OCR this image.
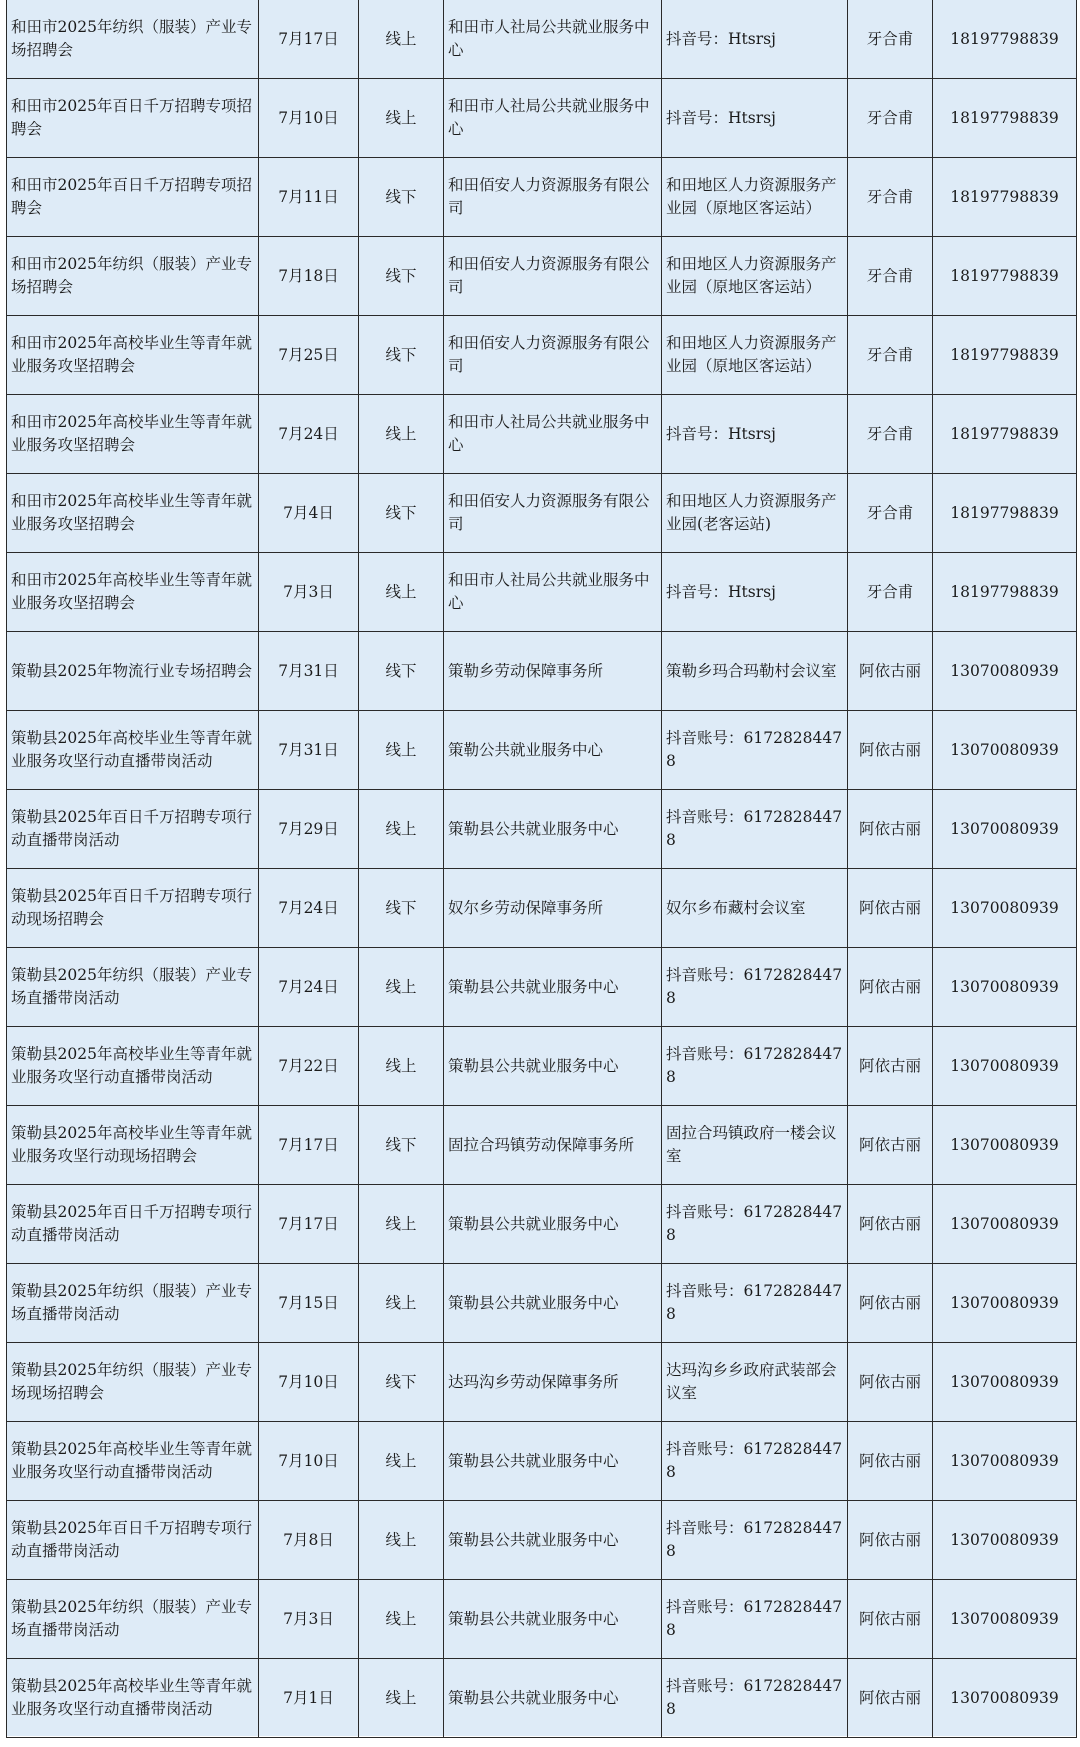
和田市2025年纺织（服装）产业专场招聘会	7月17日	线上	和田市人社局公共就业服务中心	抖音号：Htsrsj	牙合甫	18197798839
和田市2025年百日千万招聘专项招聘会	7月10日	线上	和田市人社局公共就业服务中心	抖音号：Htsrsj	牙合甫	18197798839
和田市2025年百日千万招聘专项招聘会	7月11日	线下	和田佰安人力资源服务有限公司	和田地区人力资源服务产业园（原地区客运站）	牙合甫	18197798839
和田市2025年纺织（服装）产业专场招聘会	7月18日	线下	和田佰安人力资源服务有限公司	和田地区人力资源服务产业园（原地区客运站）	牙合甫	18197798839
和田市2025年高校毕业生等青年就业服务攻坚招聘会	7月25日	线下	和田佰安人力资源服务有限公司	和田地区人力资源服务产业园（原地区客运站）	牙合甫	18197798839
和田市2025年高校毕业生等青年就业服务攻坚招聘会	7月24日	线上	和田市人社局公共就业服务中心	抖音号：Htsrsj	牙合甫	18197798839
和田市2025年高校毕业生等青年就业服务攻坚招聘会	7月4日	线下	和田佰安人力资源服务有限公司	和田地区人力资源服务产业园(老客运站)	牙合甫	18197798839
和田市2025年高校毕业生等青年就业服务攻坚招聘会	7月3日	线上	和田市人社局公共就业服务中心	抖音号：Htsrsj	牙合甫	18197798839
策勒县2025年物流行业专场招聘会	7月31日	线下	策勒乡劳动保障事务所	策勒乡玛合玛勒村会议室	阿依古丽	13070080939
策勒县2025年高校毕业生等青年就业服务攻坚行动直播带岗活动	7月31日	线上	策勒公共就业服务中心	抖音账号：61728284478	阿依古丽	13070080939
策勒县2025年百日千万招聘专项行动直播带岗活动	7月29日	线上	策勒县公共就业服务中心	抖音账号：61728284478	阿依古丽	13070080939
策勒县2025年百日千万招聘专项行动现场招聘会	7月24日	线下	奴尔乡劳动保障事务所	奴尔乡布藏村会议室	阿依古丽	13070080939
策勒县2025年纺织（服装）产业专场直播带岗活动	7月24日	线上	策勒县公共就业服务中心	抖音账号：61728284478	阿依古丽	13070080939
策勒县2025年高校毕业生等青年就业服务攻坚行动直播带岗活动	7月22日	线上	策勒县公共就业服务中心	抖音账号：61728284478	阿依古丽	13070080939
策勒县2025年高校毕业生等青年就业服务攻坚行动现场招聘会	7月17日	线下	固拉合玛镇劳动保障事务所	固拉合玛镇政府一楼会议室	阿依古丽	13070080939
策勒县2025年百日千万招聘专项行动直播带岗活动	7月17日	线上	策勒县公共就业服务中心	抖音账号：61728284478	阿依古丽	13070080939
策勒县2025年纺织（服装）产业专场直播带岗活动	7月15日	线上	策勒县公共就业服务中心	抖音账号：61728284478	阿依古丽	13070080939
策勒县2025年纺织（服装）产业专场现场招聘会	7月10日	线下	达玛沟乡劳动保障事务所	达玛沟乡乡政府武装部会议室	阿依古丽	13070080939
策勒县2025年高校毕业生等青年就业服务攻坚行动直播带岗活动	7月10日	线上	策勒县公共就业服务中心	抖音账号：61728284478	阿依古丽	13070080939
策勒县2025年百日千万招聘专项行动直播带岗活动	7月8日	线上	策勒县公共就业服务中心	抖音账号：61728284478	阿依古丽	13070080939
策勒县2025年纺织（服装）产业专场直播带岗活动	7月3日	线上	策勒县公共就业服务中心	抖音账号：61728284478	阿依古丽	13070080939
策勒县2025年高校毕业生等青年就业服务攻坚行动直播带岗活动	7月1日	线上	策勒县公共就业服务中心	抖音账号：61728284478	阿依古丽	13070080939
